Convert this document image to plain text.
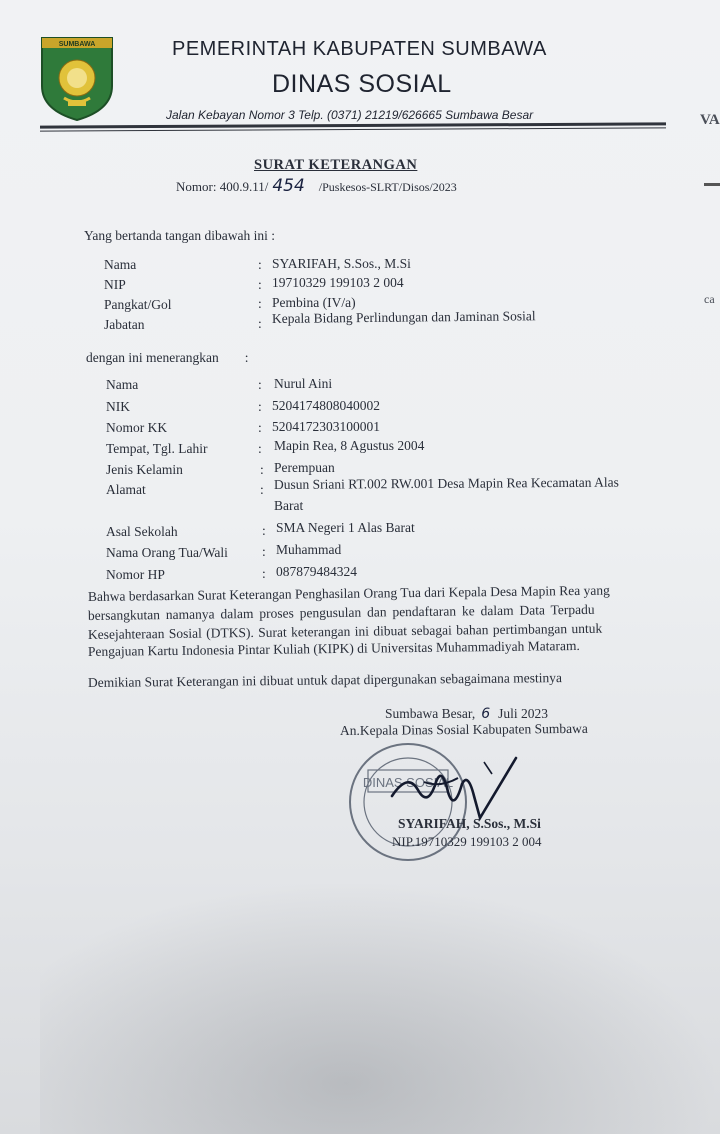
VA
ca
SUMBAWA	PEMERINTAH KABUPATEN SUMBAWA
DINAS SOSIAL
Jalan Kebayan Nomor 3 Telp. (0371) 21219/626665 Sumbawa Besar
SURAT KETERANGAN
Nomor: 400.9.11/ 454 /Puskesos-SLRT/Disos/2023
Yang bertanda tangan dibawah ini :
Nama	: SYARIFAH, S.Sos., M.Si
NIP	: 19710329 199103 2 004
Pangkat/Gol	: Pembina (IV/a)
Jabatan	: Kepala Bidang Perlindungan dan Jaminan Sosial
dengan ini menerangkan :
Nama	: Nurul Aini
NIK	: 5204174808040002
Nomor KK	: 5204172303100001
Tempat, Tgl. Lahir	: Mapin Rea, 8 Agustus 2004
Jenis Kelamin	: Perempuan
Alamat	: Dusun Sriani RT.002 RW.001 Desa Mapin Rea Kecamatan Alas
Barat
Asal Sekolah	: SMA Negeri 1 Alas Barat
Nama Orang Tua/Wali	: Muhammad
Nomor HP	: 087879484324
Bahwa berdasarkan Surat Keterangan Penghasilan Orang Tua dari Kepala Desa Mapin Rea yang
bersangkutan namanya dalam proses pengusulan dan pendaftaran ke dalam Data Terpadu
Kesejahteraan Sosial (DTKS). Surat keterangan ini dibuat sebagai bahan pertimbangan untuk
Pengajuan Kartu Indonesia Pintar Kuliah (KIPK) di Universitas Muhammadiyah Mataram.
Demikian Surat Keterangan ini dibuat untuk dapat dipergunakan sebagaimana mestinya
Sumbawa Besar, 6 Juli 2023
An.Kepala Dinas Sosial Kabupaten Sumbawa
DINAS SOSIAL
SYARIFAH, S.Sos., M.Si
NIP.19710329 199103 2 004
